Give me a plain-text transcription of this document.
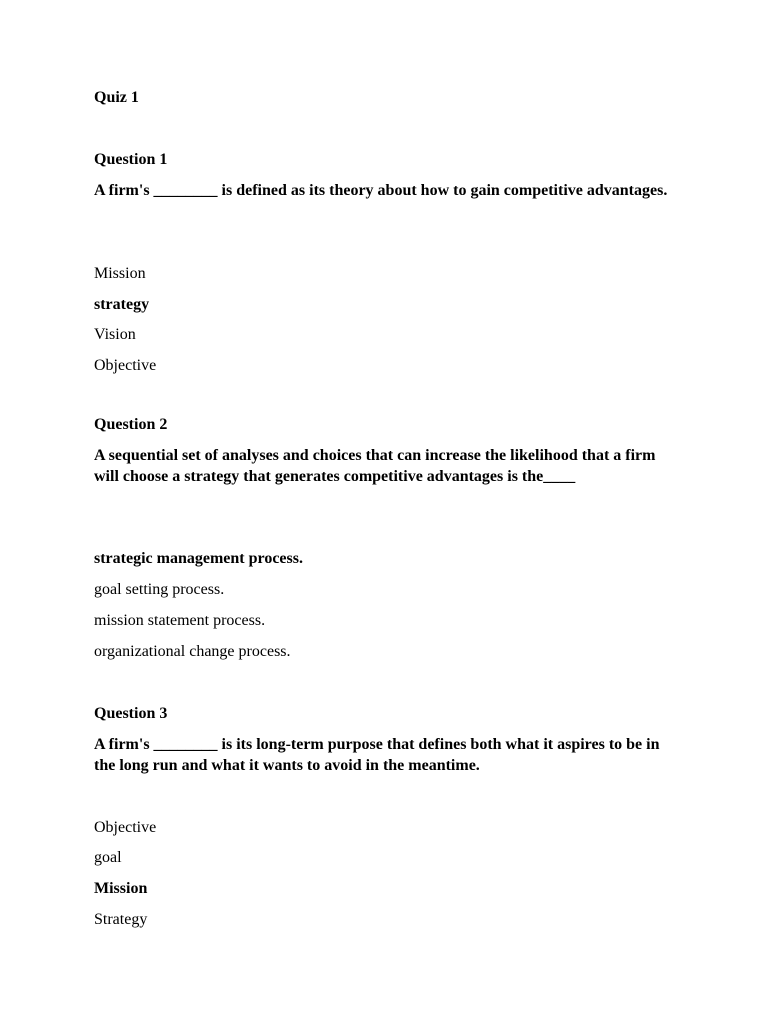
Quiz 1

Question 1

A firm's ________ is defined as its theory about how to gain competitive advantages.

Mission

strategy

Vision

Objective

Question 2

A sequential set of analyses and choices that can increase the likelihood that a firm will choose a strategy that generates competitive advantages is the____

strategic management process.

goal setting process.

mission statement process.

organizational change process.

Question 3

A firm's ________ is its long-term purpose that defines both what it aspires to be in the long run and what it wants to avoid in the meantime.

Objective

goal

Mission

Strategy
